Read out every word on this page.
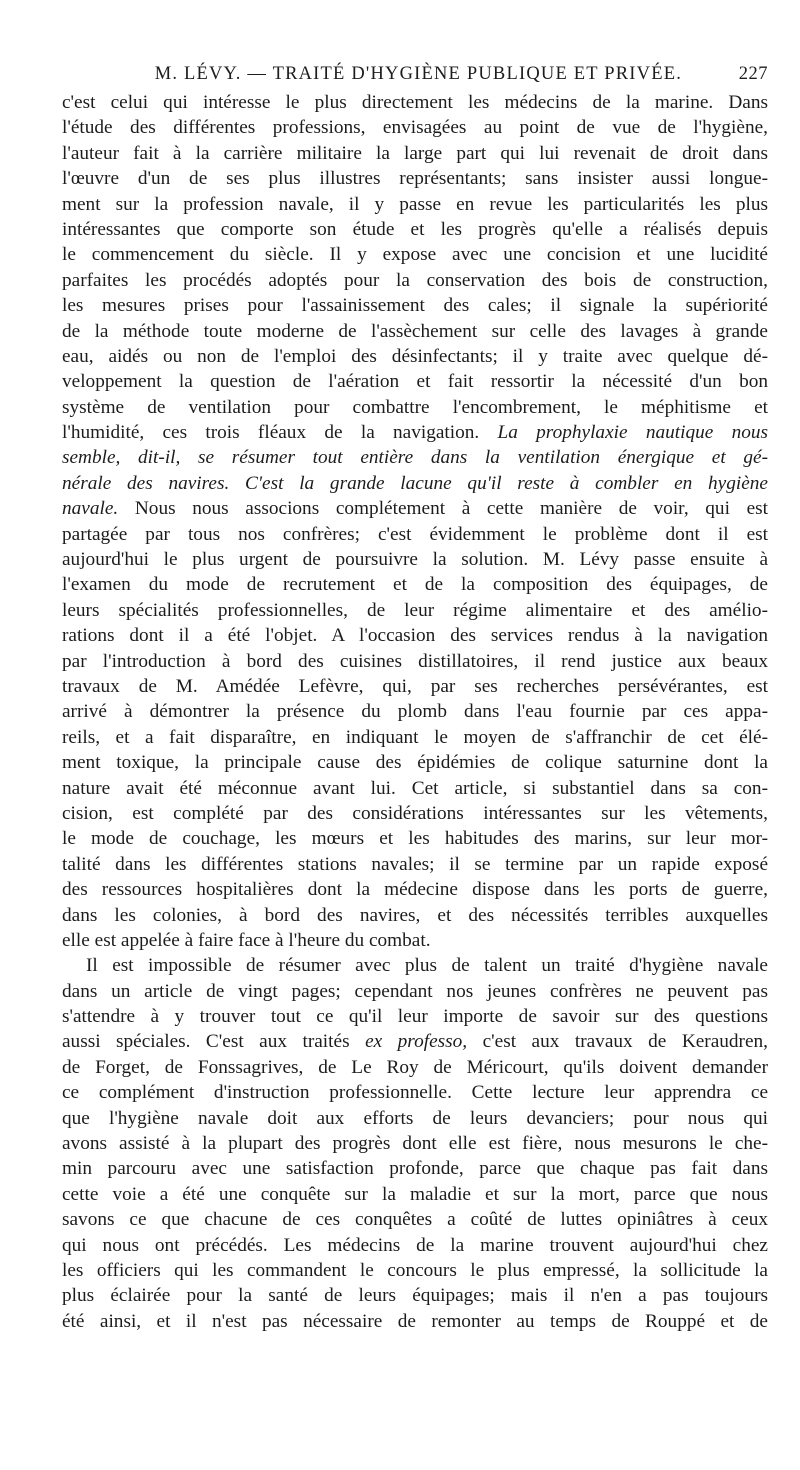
M. LÉVY. — TRAITÉ D'HYGIÈNE PUBLIQUE ET PRIVÉE.	227
c'est celui qui intéresse le plus directement les médecins de la marine. Dans
l'étude des différentes professions, envisagées au point de vue de l'hygiène,
l'auteur fait à la carrière militaire la large part qui lui revenait de droit dans
l'œuvre d'un de ses plus illustres représentants; sans insister aussi longue-
ment sur la profession navale, il y passe en revue les particularités les plus
intéressantes que comporte son étude et les progrès qu'elle a réalisés depuis
le commencement du siècle. Il y expose avec une concision et une lucidité
parfaites les procédés adoptés pour la conservation des bois de construction,
les mesures prises pour l'assainissement des cales; il signale la supériorité
de la méthode toute moderne de l'assèchement sur celle des lavages à grande
eau, aidés ou non de l'emploi des désinfectants; il y traite avec quelque dé-
veloppement la question de l'aération et fait ressortir la nécessité d'un bon
système de ventilation pour combattre l'encombrement, le méphitisme et
l'humidité, ces trois fléaux de la navigation. La prophylaxie nautique nous
semble, dit-il, se résumer tout entière dans la ventilation énergique et gé-
nérale des navires. C'est la grande lacune qu'il reste à combler en hygiène
navale. Nous nous associons complétement à cette manière de voir, qui est
partagée par tous nos confrères; c'est évidemment le problème dont il est
aujourd'hui le plus urgent de poursuivre la solution. M. Lévy passe ensuite à
l'examen du mode de recrutement et de la composition des équipages, de
leurs spécialités professionnelles, de leur régime alimentaire et des amélio-
rations dont il a été l'objet. A l'occasion des services rendus à la navigation
par l'introduction à bord des cuisines distillatoires, il rend justice aux beaux
travaux de M. Amédée Lefèvre, qui, par ses recherches persévérantes, est
arrivé à démontrer la présence du plomb dans l'eau fournie par ces appa-
reils, et a fait disparaître, en indiquant le moyen de s'affranchir de cet élé-
ment toxique, la principale cause des épidémies de colique saturnine dont la
nature avait été méconnue avant lui. Cet article, si substantiel dans sa con-
cision, est complété par des considérations intéressantes sur les vêtements,
le mode de couchage, les mœurs et les habitudes des marins, sur leur mor-
talité dans les différentes stations navales; il se termine par un rapide exposé
des ressources hospitalières dont la médecine dispose dans les ports de guerre,
dans les colonies, à bord des navires, et des nécessités terribles auxquelles
elle est appelée à faire face à l'heure du combat.
Il est impossible de résumer avec plus de talent un traité d'hygiène navale
dans un article de vingt pages; cependant nos jeunes confrères ne peuvent pas
s'attendre à y trouver tout ce qu'il leur importe de savoir sur des questions
aussi spéciales. C'est aux traités ex professo, c'est aux travaux de Keraudren,
de Forget, de Fonssagrives, de Le Roy de Méricourt, qu'ils doivent demander
ce complément d'instruction professionnelle. Cette lecture leur apprendra ce
que l'hygiène navale doit aux efforts de leurs devanciers; pour nous qui
avons assisté à la plupart des progrès dont elle est fière, nous mesurons le che-
min parcouru avec une satisfaction profonde, parce que chaque pas fait dans
cette voie a été une conquête sur la maladie et sur la mort, parce que nous
savons ce que chacune de ces conquêtes a coûté de luttes opiniâtres à ceux
qui nous ont précédés. Les médecins de la marine trouvent aujourd'hui chez
les officiers qui les commandent le concours le plus empressé, la sollicitude la
plus éclairée pour la santé de leurs équipages; mais il n'en a pas toujours
été ainsi, et il n'est pas nécessaire de remonter au temps de Rouppé et de
